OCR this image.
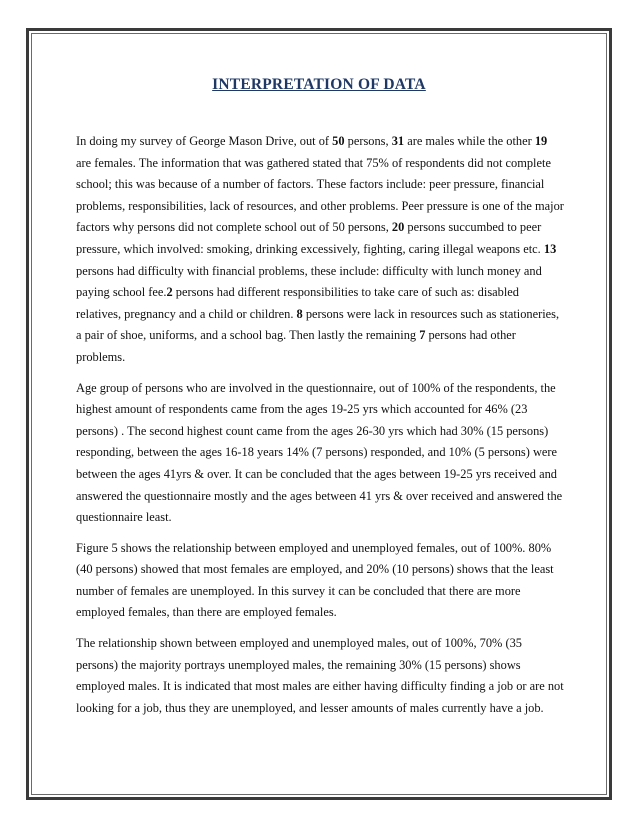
INTERPRETATION OF DATA

In doing my survey of George Mason Drive, out of 50 persons, 31 are males while the other 19 are females. The information that was gathered stated that 75% of respondents did not complete school; this was because of a number of factors. These factors include: peer pressure, financial problems, responsibilities, lack of resources, and other problems. Peer pressure is one of the major factors why persons did not complete school out of 50 persons, 20 persons succumbed to peer pressure, which involved: smoking, drinking excessively, fighting, caring illegal weapons etc. 13 persons had difficulty with financial problems, these include: difficulty with lunch money and paying school fee.2 persons had different responsibilities to take care of such as: disabled relatives, pregnancy and a child or children. 8 persons were lack in resources such as stationeries, a pair of shoe, uniforms, and a school bag. Then lastly the remaining 7 persons had other problems.

Age group of persons who are involved in the questionnaire, out of 100% of the respondents, the highest amount of respondents came from the ages 19-25 yrs which accounted for 46% (23 persons) . The second highest count came from the ages 26-30 yrs which had 30% (15 persons) responding, between the ages 16-18 years 14% (7 persons) responded, and 10% (5 persons) were between the ages 41yrs & over. It can be concluded that the ages between 19-25 yrs received and answered the questionnaire mostly and the ages between 41 yrs & over received and answered the questionnaire least.

Figure 5 shows the relationship between employed and unemployed females, out of 100%. 80% (40 persons) showed that most females are employed, and 20% (10 persons) shows that the least number of females are unemployed. In this survey it can be concluded that there are more employed females, than there are employed females.

The relationship shown between employed and unemployed males, out of 100%, 70% (35 persons) the majority portrays unemployed males, the remaining 30% (15 persons) shows employed males. It is indicated that most males are either having difficulty finding a job or are not looking for a job, thus they are unemployed, and lesser amounts of males currently have a job.
